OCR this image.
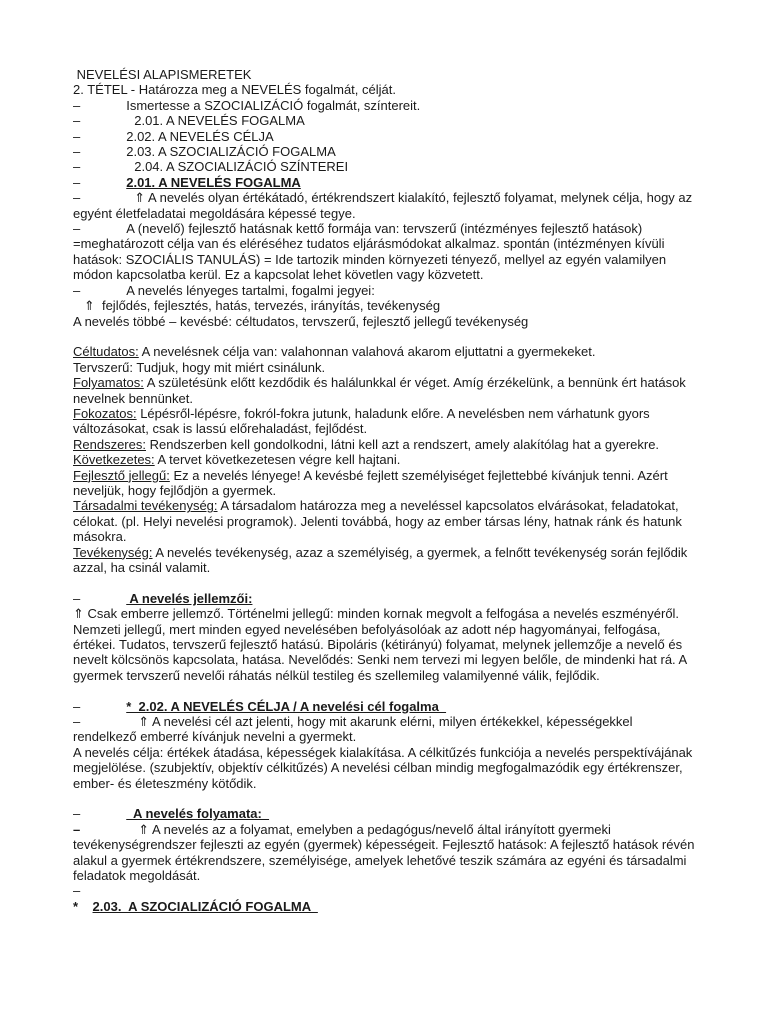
NEVELÉSI ALAPISMERETEK

2. TÉTEL - Határozza meg a NEVELÉS fogalmát, célját.

–	Ismertesse a SZOCIALIZÁCIÓ fogalmát, színtereit.

–	2.01. A NEVELÉS FOGALMA

–	2.02. A NEVELÉS CÉLJA

–	2.03. A SZOCIALIZÁCIÓ FOGALMA

–	2.04. A SZOCIALIZÁCIÓ SZÍNTEREI

–	2.01. A NEVELÉS FOGALMA

–	⇑ A nevelés olyan értékátadó, értékrendszert kialakító, fejlesztő folyamat, melynek célja, hogy az egyént életfeladatai megoldására képessé tegye.

–	A (nevelő) fejlesztő hatásnak kettő formája van: tervszerű (intézményes fejlesztő hatások) =meghatározott célja van és eléréséhez tudatos eljárásmódokat alkalmaz. spontán (intézményen kívüli hatások: SZOCIÁLIS TANULÁS) = Ide tartozik minden környezeti tényező, mellyel az egyén valamilyen módon kapcsolatba kerül. Ez a kapcsolat lehet követlen vagy közvetett.

–	A nevelés lényeges tartalmi, fogalmi jegyei:

⇑  fejlődés, fejlesztés, hatás, tervezés, irányítás, tevékenység

A nevelés többé – kevésbé: céltudatos, tervszerű, fejlesztő jellegű tevékenység

Céltudatos: A nevelésnek célja van: valahonnan valahová akarom eljuttatni a gyermekeket.

Tervszerű: Tudjuk, hogy mit miért csinálunk.

Folyamatos: A születésünk előtt kezdődik és halálunkkal ér véget. Amíg érzékelünk, a bennünk ért hatások nevelnek bennünket.

Fokozatos: Lépésről-lépésre, fokról-fokra jutunk, haladunk előre. A nevelésben nem várhatunk gyors változásokat, csak is lassú előrehaladást, fejlődést.

Rendszeres: Rendszerben kell gondolkodni, látni kell azt a rendszert, amely alakítólag hat a gyerekre.

Következetes: A tervet következetesen végre kell hajtani.

Fejlesztő jellegű: Ez a nevelés lényege! A kevésbé fejlett személyiséget fejlettebbé kívánjuk tenni. Azért neveljük, hogy fejlődjön a gyermek.

Társadalmi tevékenység: A társadalom határozza meg a neveléssel kapcsolatos elvárásokat, feladatokat, célokat. (pl. Helyi nevelési programok). Jelenti továbbá, hogy az ember társas lény, hatnak ránk és hatunk másokra.

Tevékenység: A nevelés tevékenység, azaz a személyiség, a gyermek, a felnőtt tevékenység során fejlődik azzal, ha csinál valamit.

–	A nevelés jellemzői:

⇑ Csak emberre jellemző. Történelmi jellegű: minden kornak megvolt a felfogása a nevelés eszményéről. Nemzeti jellegű, mert minden egyed nevelésében befolyásolóak az adott nép hagyományai, felfogása, értékei. Tudatos, tervszerű fejlesztő hatású. Bipoláris (kétirányú) folyamat, melynek jellemzője a nevelő és nevelt kölcsönös kapcsolata, hatása. Nevelődés: Senki nem tervezi mi legyen belőle, de mindenki hat rá. A gyermek tervszerű nevelői ráhatás nélkül testileg és szellemileg valamilyenné válik, fejlődik.

–	*  2.02. A NEVELÉS CÉLJA / A nevelési cél fogalma

–	⇑ A nevelési cél azt jelenti, hogy mit akarunk elérni, milyen értékekkel, képességekkel rendelkező emberré kívánjuk nevelni a gyermekt.

A nevelés célja: értékek átadása, képességek kialakítása. A célkitűzés funkciója a nevelés perspektívájának megjelölése. (szubjektív, objektív célkitűzés) A nevelési célban mindig megfogalmazódik egy értékrenszer, ember- és életeszmény kötődik.

–	A nevelés folyamata:

–	⇑ A nevelés az a folyamat, emelyben a pedagógus/nevelő által irányított gyermeki tevékenységrendszer fejleszti az egyén (gyermek) képességeit. Fejlesztő hatások: A fejlesztő hatások révén alakul a gyermek értékrendszere, személyisége, amelyek lehetővé teszik számára az egyéni és társadalmi feladatok megoldását.

–

* 2.03.  A SZOCIALIZÁCIÓ FOGALMA
